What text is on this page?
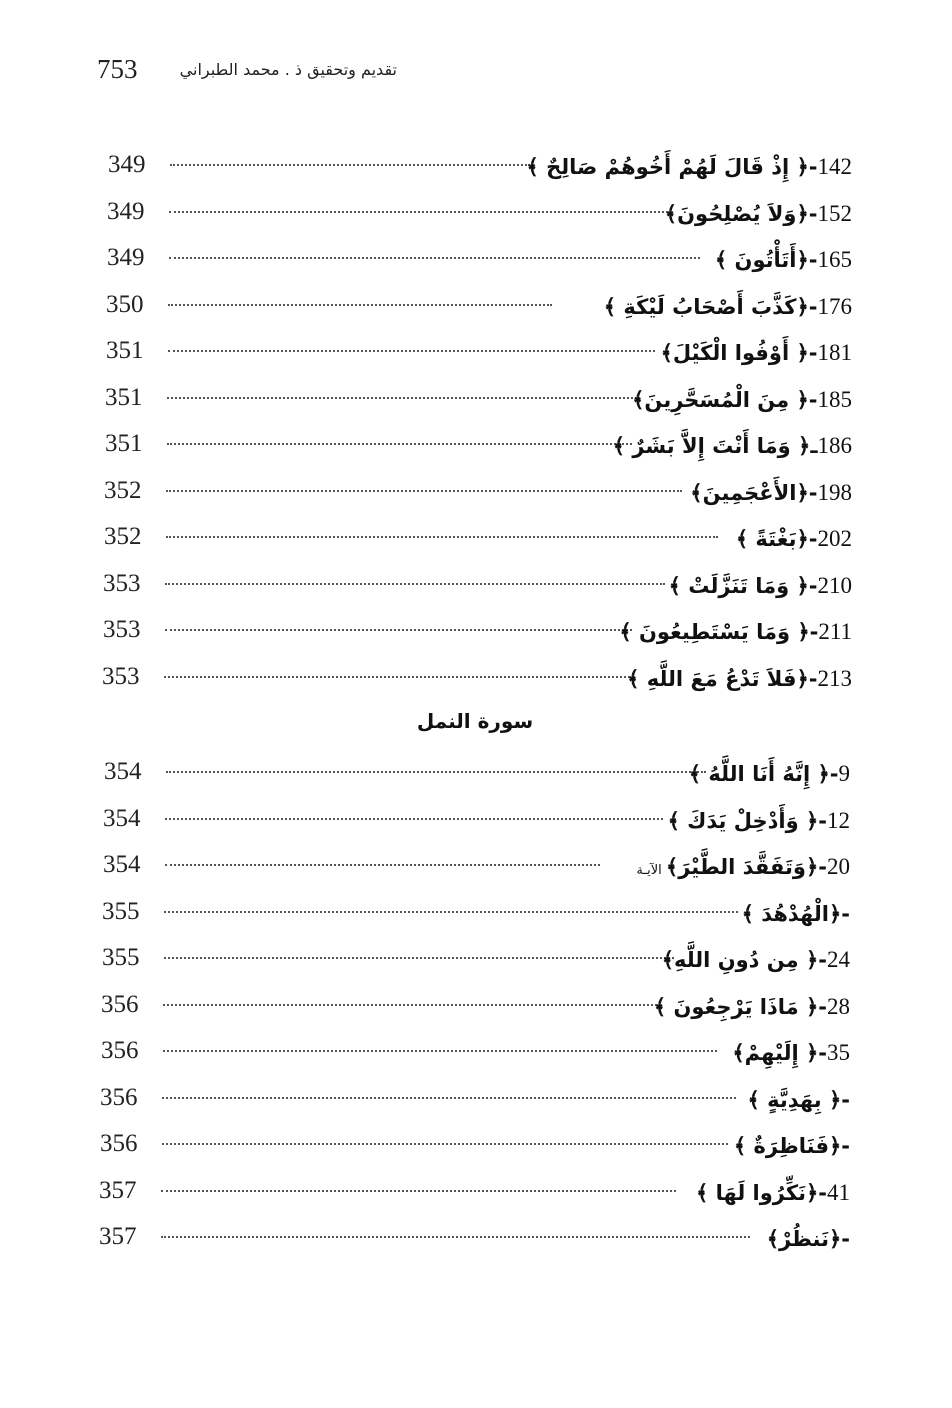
753	تقديم وتحقيق ذ . محمد الطبراني
349	142-﴿ إِذْ قَالَ لَهُمْ أَخُوهُمْ صَالِحٌ ﴾
349	152-﴿وَلاَ يُصْلِحُونَ﴾
349	165-﴿أَتَأْتُونَ ﴾
350	176-﴿كَذَّبَ أَصْحَابُ لَيْكَةِ ﴾
351	181-﴿ أَوْفُوا الْكَيْلَ﴾
351	185-﴿ مِنَ الْمُسَحَّرِينَ﴾
351	186ـ﴿ وَمَا أَنْتَ إِلاَّ بَشَرٌ ﴾
352	198-﴿الأَعْجَمِينَ﴾
352	202-﴿بَغْتَةً ﴾
353	210-﴿ وَمَا تَنَزَّلَتْ ﴾
353	211-﴿ وَمَا يَسْتَطِيعُونَ ﴾
353	213-﴿فَلاَ تَدْعُ مَعَ اللَّهِ ﴾
سورة النمل
354	9-﴿ إِنَّهُ أَنَا اللَّهُ ﴾
354	12-﴿ وَأَدْخِلْ يَدَكَ ﴾
354	20-﴿وَتَفَقَّدَ الطَّيْرَ﴾ الآيـة
355	-﴿الْهُدْهُدَ ﴾
355	24-﴿ مِن دُونِ اللَّهِ﴾
356	28-﴿ مَاذَا يَرْجِعُونَ ﴾
356	35-﴿ إِلَيْهِمْ﴾
356	-﴿ بِهَدِيَّةٍ ﴾
356	-﴿فَنَاظِرَةٌ ﴾
357	41-﴿نَكِّرُوا لَهَا ﴾
357	-﴿نَنظُرْ﴾
